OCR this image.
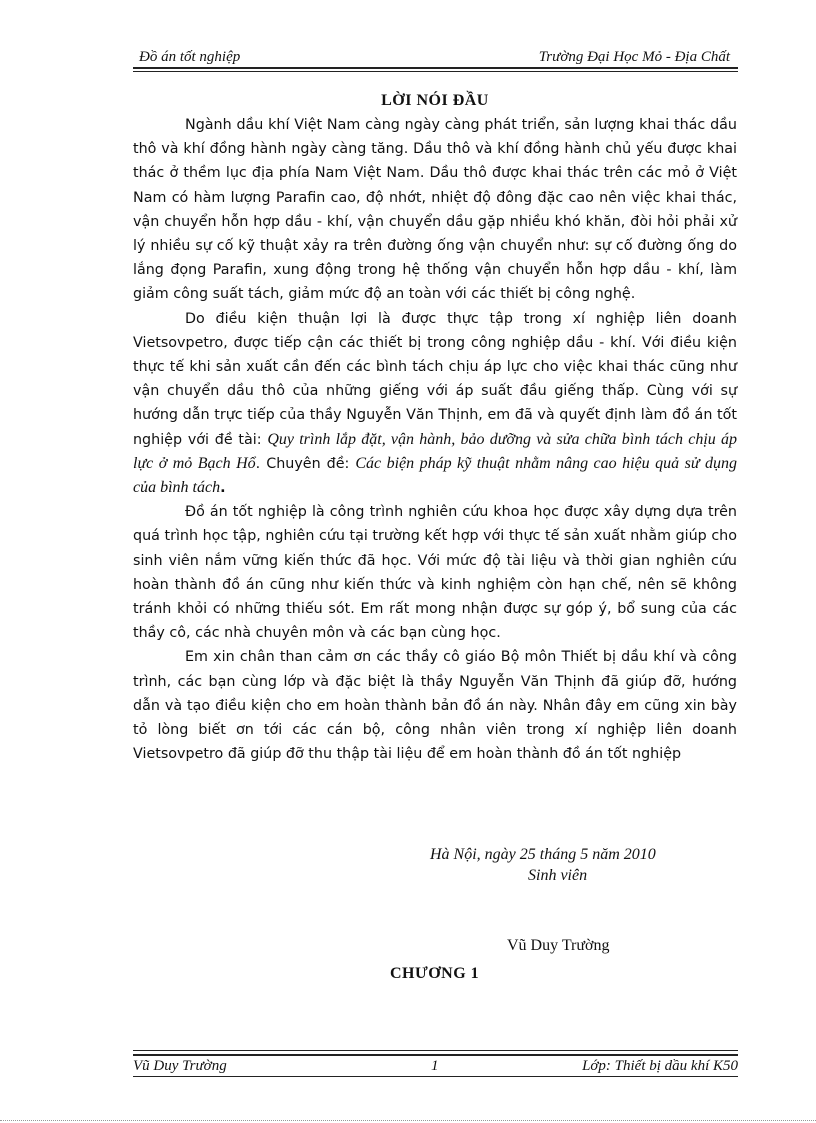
Đồ án tốt nghiệp	Trường Đại Học Mỏ - Địa Chất
LỜI NÓI ĐẦU

Ngành dầu khí Việt Nam càng ngày càng phát triển, sản lượng khai thác dầu thô và khí đồng hành ngày càng tăng. Dầu thô và khí đồng hành chủ yếu được khai thác ở thềm lục địa phía Nam Việt Nam. Dầu thô được khai thác trên các mỏ ở Việt Nam có hàm lượng Parafin cao, độ nhớt, nhiệt độ đông đặc cao nên việc khai thác, vận chuyển hỗn hợp dầu - khí, vận chuyển dầu gặp nhiều khó khăn, đòi hỏi phải xử lý nhiều sự cố kỹ thuật xảy ra trên đường ống vận chuyển như: sự cố đường ống do lắng đọng Parafin, xung động trong hệ thống vận chuyển hỗn hợp dầu - khí, làm giảm công suất tách, giảm mức độ an toàn với các thiết bị công nghệ.

Do điều kiện thuận lợi là được thực tập trong xí nghiệp liên doanh Vietsovpetro, được tiếp cận các thiết bị trong công nghiệp dầu - khí. Với điều kiện thực tế khi sản xuất cần đến các bình tách chịu áp lực cho việc khai thác cũng như vận chuyển dầu thô của những giếng với áp suất đầu giếng thấp. Cùng với sự hướng dẫn trực tiếp của thầy Nguyễn Văn Thịnh, em đã và quyết định làm đồ án tốt nghiệp với đề tài: Quy trình lắp đặt, vận hành, bảo dưỡng và sửa chữa bình tách chịu áp lực ở mỏ Bạch Hổ. Chuyên đề: Các biện pháp kỹ thuật nhằm nâng cao hiệu quả sử dụng của bình tách.

Đồ án tốt nghiệp là công trình nghiên cứu khoa học được xây dựng dựa trên quá trình học tập, nghiên cứu tại trường kết hợp với thực tế sản xuất nhằm giúp cho sinh viên nắm vững kiến thức đã học. Với mức độ tài liệu và thời gian nghiên cứu hoàn thành đồ án cũng như kiến thức và kinh nghiệm còn hạn chế, nên sẽ không tránh khỏi có những thiếu sót. Em rất mong nhận được sự góp ý, bổ sung của các thầy cô, các nhà chuyên môn và các bạn cùng học.

Em xin chân than cảm ơn các thầy cô giáo Bộ môn Thiết bị dầu khí và công trình, các bạn cùng lớp và đặc biệt là thầy Nguyễn Văn Thịnh đã giúp đỡ, hướng dẫn và tạo điều kiện cho em hoàn thành bản đồ án này. Nhân đây em cũng xin bày tỏ lòng biết ơn tới các cán bộ, công nhân viên trong xí nghiệp liên doanh Vietsovpetro đã giúp đỡ thu thập tài liệu để em hoàn thành đồ án tốt nghiệp

Hà Nội, ngày 25 tháng 5 năm 2010
Sinh viên
Vũ Duy Trường
CHƯƠNG 1
Vũ Duy Trường	1	Lớp: Thiết bị dầu khí K50
